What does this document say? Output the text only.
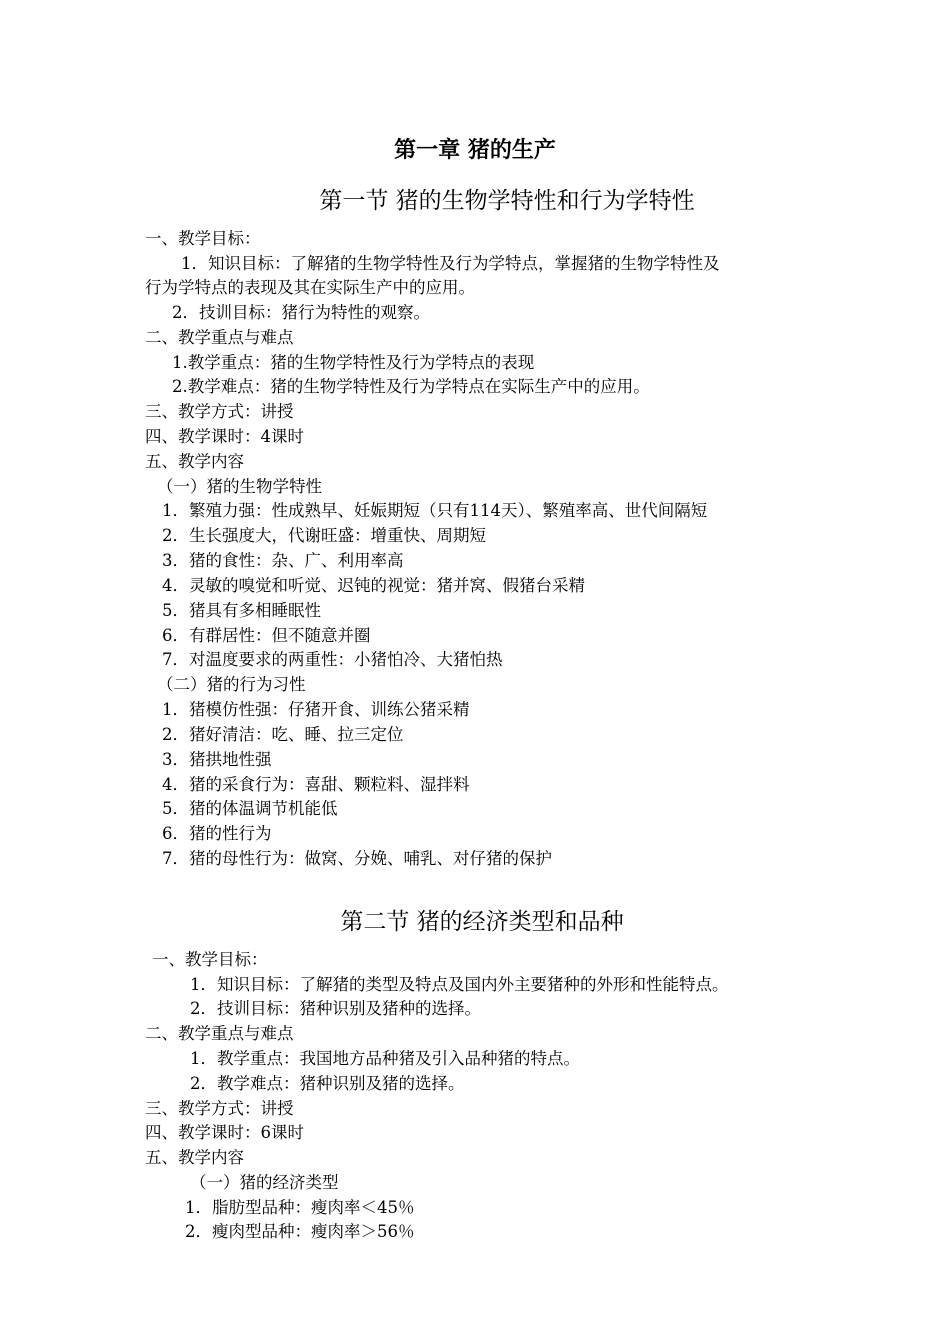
第一章 猪的生产
第一节 猪的生物学特性和行为学特性
一、教学目标：
1．知识目标：了解猪的生物学特性及行为学特点，掌握猪的生物学特性及
行为学特点的表现及其在实际生产中的应用。
2．技训目标：猪行为特性的观察。
二、教学重点与难点
1.教学重点：猪的生物学特性及行为学特点的表现
2.教学难点：猪的生物学特性及行为学特点在实际生产中的应用。
三、教学方式：讲授
四、教学课时：4课时
五、教学内容
（一）猪的生物学特性
1．繁殖力强：性成熟早、妊娠期短（只有114天）、繁殖率高、世代间隔短
2．生长强度大，代谢旺盛：增重快、周期短
3．猪的食性：杂、广、利用率高
4．灵敏的嗅觉和听觉、迟钝的视觉：猪并窝、假猪台采精
5．猪具有多相睡眠性
6．有群居性：但不随意并圈
7．对温度要求的两重性：小猪怕冷、大猪怕热
（二）猪的行为习性
1．猪模仿性强：仔猪开食、训练公猪采精
2．猪好清洁：吃、睡、拉三定位
3．猪拱地性强
4．猪的采食行为：喜甜、颗粒料、湿拌料
5．猪的体温调节机能低
6．猪的性行为
7．猪的母性行为：做窝、分娩、哺乳、对仔猪的保护
第二节 猪的经济类型和品种
一、教学目标：
1．知识目标：了解猪的类型及特点及国内外主要猪种的外形和性能特点。
2．技训目标：猪种识别及猪种的选择。
二、教学重点与难点
1．教学重点：我国地方品种猪及引入品种猪的特点。
2．教学难点：猪种识别及猪的选择。
三、教学方式：讲授
四、教学课时：6课时
五、教学内容
（一）猪的经济类型
1．脂肪型品种：瘦肉率＜45％
2．瘦肉型品种：瘦肉率＞56％
